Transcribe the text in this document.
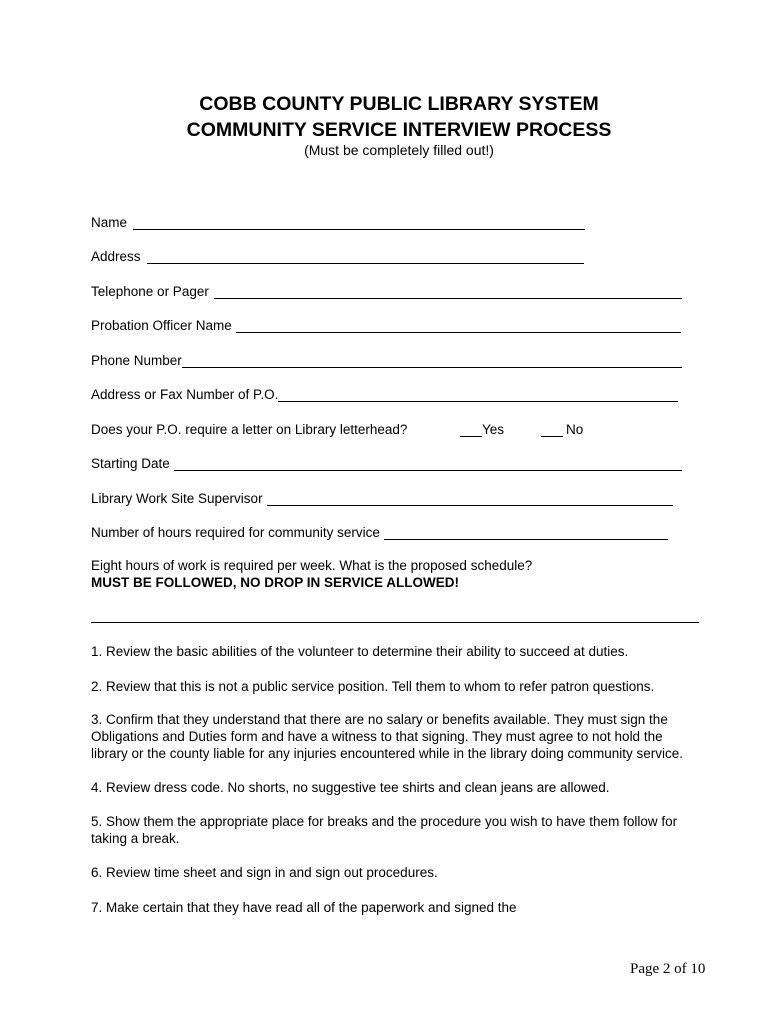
COBB COUNTY PUBLIC LIBRARY SYSTEM
COMMUNITY SERVICE INTERVIEW PROCESS
(Must be completely filled out!)
Name
Address
Telephone or Pager
Probation Officer Name
Phone Number
Address or Fax Number of P.O.
Does your P.O. require a letter on Library letterhead?	Yes	No
Starting Date
Library Work Site Supervisor
Number of hours required for community service
Eight hours of work is required per week. What is the proposed schedule?
MUST BE FOLLOWED, NO DROP IN SERVICE ALLOWED!
1. Review the basic abilities of the volunteer to determine their ability to succeed at duties.
2. Review that this is not a public service position. Tell them to whom to refer patron questions.
3. Confirm that they understand that there are no salary or benefits available. They must sign the Obligations and Duties form and have a witness to that signing. They must agree to not hold the library or the county liable for any injuries encountered while in the library doing community service.
4. Review dress code. No shorts, no suggestive tee shirts and clean jeans are allowed.
5. Show them the appropriate place for breaks and the procedure you wish to have them follow for taking a break.
6. Review time sheet and sign in and sign out procedures.
7. Make certain that they have read all of the paperwork and signed the
Page 2 of 10
